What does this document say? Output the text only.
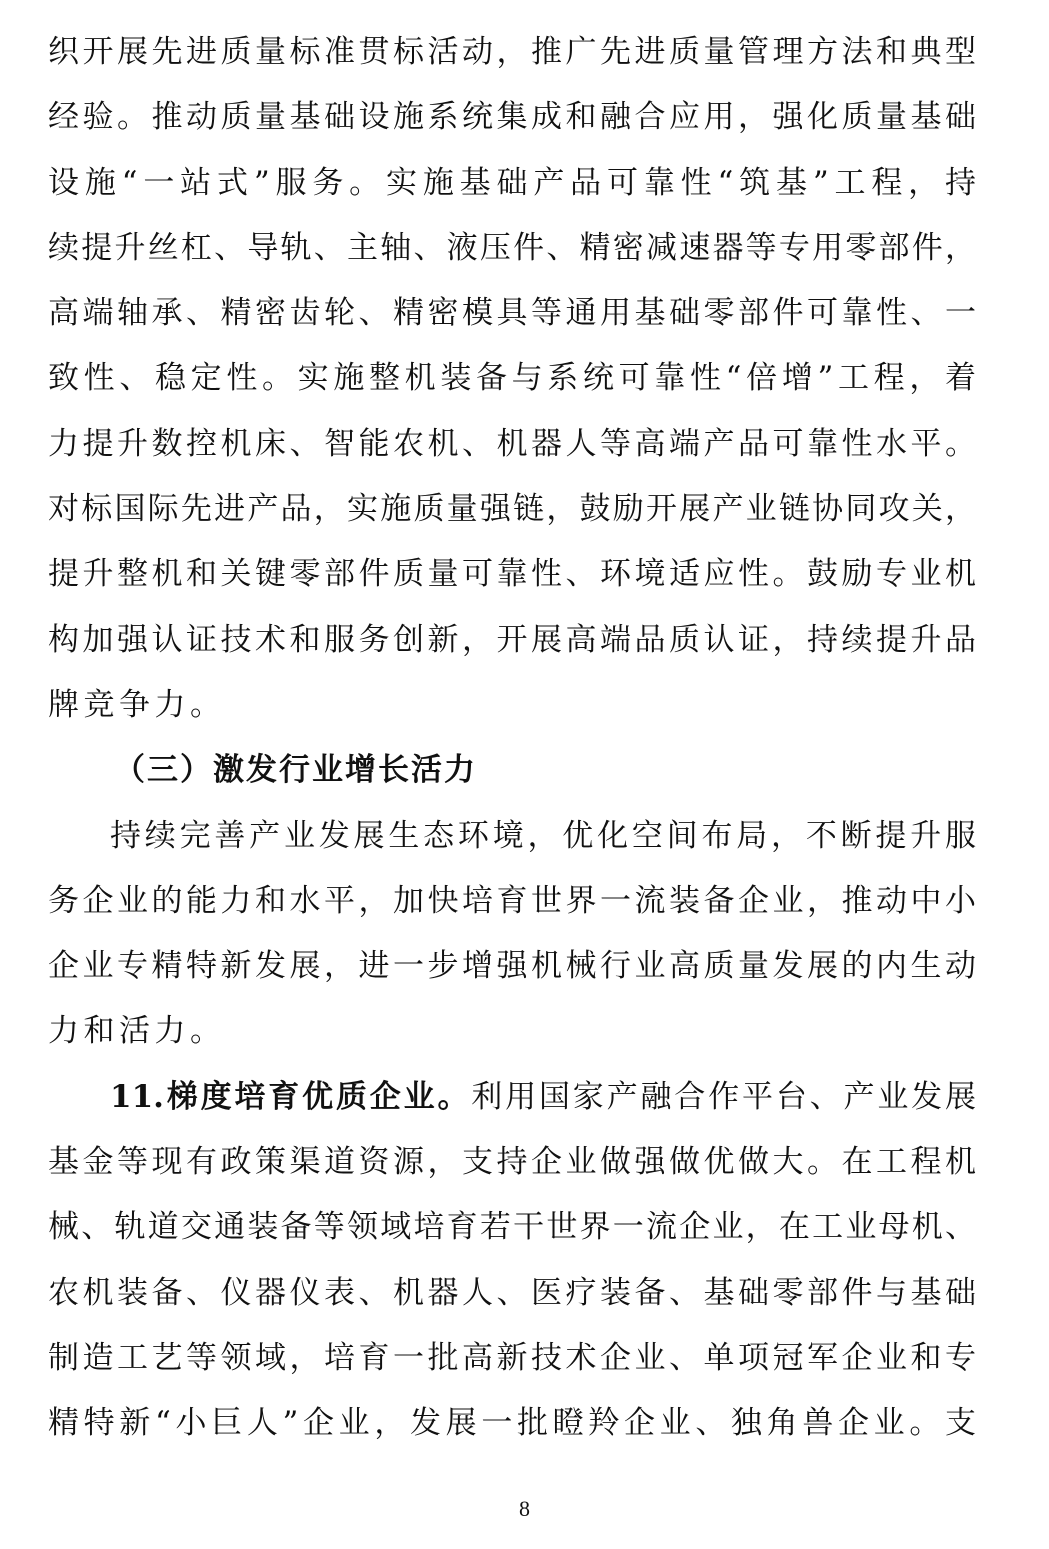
织开展先进质量标准贯标活动，推广先进质量管理方法和典型
经验。推动质量基础设施系统集成和融合应用，强化质量基础
设施“一站式”服务。实施基础产品可靠性“筑基”工程，持
续提升丝杠、导轨、主轴、液压件、精密减速器等专用零部件，
高端轴承、精密齿轮、精密模具等通用基础零部件可靠性、一
致性、稳定性。实施整机装备与系统可靠性“倍增”工程，着
力提升数控机床、智能农机、机器人等高端产品可靠性水平。
对标国际先进产品，实施质量强链，鼓励开展产业链协同攻关，
提升整机和关键零部件质量可靠性、环境适应性。鼓励专业机
构加强认证技术和服务创新，开展高端品质认证，持续提升品
牌竞争力。
（三）激发行业增长活力
持续完善产业发展生态环境，优化空间布局，不断提升服
务企业的能力和水平，加快培育世界一流装备企业，推动中小
企业专精特新发展，进一步增强机械行业高质量发展的内生动
力和活力。
11.梯度培育优质企业。利用国家产融合作平台、产业发展
基金等现有政策渠道资源，支持企业做强做优做大。在工程机
械、轨道交通装备等领域培育若干世界一流企业，在工业母机、
农机装备、仪器仪表、机器人、医疗装备、基础零部件与基础
制造工艺等领域，培育一批高新技术企业、单项冠军企业和专
精特新“小巨人”企业，发展一批瞪羚企业、独角兽企业。支
8
